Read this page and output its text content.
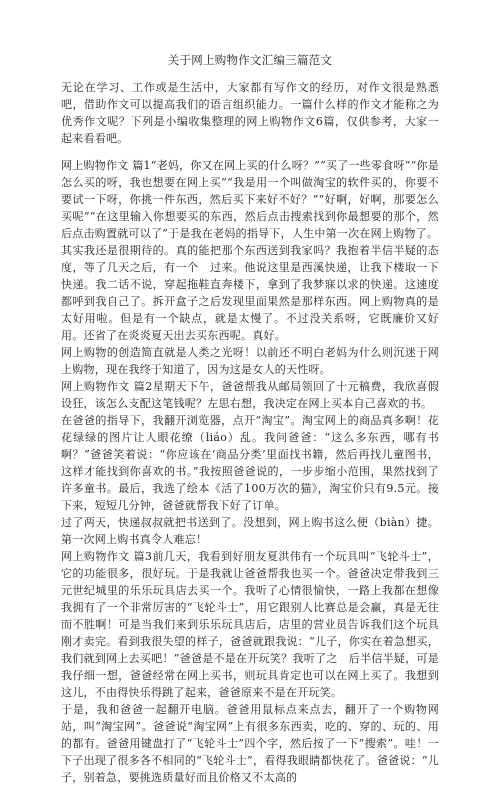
关于网上购物作文汇编三篇范文
无论在学习、工作或是生活中，大家都有写作文的经历，对作文很是熟悉吧，借助作文可以提高我们的语言组织能力。一篇什么样的作文才能称之为优秀作文呢？下列是小编收集整理的网上购物作文6篇，仅供参考，大家一起来看看吧。
网上购物作文 篇1“老妈，你又在网上买的什么呀？”“买了一些零食呀”“你是怎么买的呀，我也想要在网上买”“我是用一个叫做淘宝的软件买的，你要不要试一下呀，你挑一件东西，然后买下来好不好？”“好啊，好啊，那要怎么买呢”“在这里输入你想要买的东西，然后点击搜索找到你最想要的那个，然后点击购置就可以了”于是我在老妈的指导下，人生中第一次在网上购物了。
其实我还是很期待的。真的能把那个东西送到我家吗？我抱着半信半疑的态度，等了几天之后，有一个　过来。他说这里是西溪快递，让我下楼取一下快递。我二话不说，穿起拖鞋直奔楼下，拿到了我梦寐以求的快递。这速度都呼到我自己了。拆开盒子之后发现里面果然是那样东西。网上购物真的是太好用啦。但是有一个缺点，就是太慢了。不过没关系呀，它既廉价又好用。还省了在炎炎夏天出去买东西呢。真好。
网上购物的创造简直就是人类之光呀！以前还不明白老妈为什么则沉迷于网上购物，现在我终于知道了，因为这是女人的天性呀。
网上购物作文 篇2星期天下午，爸爸帮我从邮局领回了十元稿费，我欣喜假设狂，该怎么支配这笔钱呢？左思右想，我决定在网上买本自己喜欢的书。
在爸爸的指导下，我翻开浏览器，点开“淘宝”。淘宝网上的商品真多啊！花花绿绿的图片让人眼花缭（liáo）乱。我问爸爸：“这么多东西，哪有书啊？”爸爸笑着说：“你应该在‘商品分类’里面找书籍，然后再找儿童图书，这样才能找到你喜欢的书。”我按照爸爸说的，一步步缩小范围，果然找到了许多童书。最后，我选了绘本《活了100万次的猫》，淘宝价只有9.5元。接下来，短短几分钟，爸爸就帮我下好了订单。
过了两天，快递叔叔就把书送到了。没想到，网上购书这么便（biàn）捷。第一次网上购书真令人难忘！
网上购物作文 篇3前几天，我看到好朋友夏洪伟有一个玩具叫“飞轮斗士”，它的功能很多，很好玩。于是我就让爸爸帮我也买一个。爸爸决定带我到三元世纪城里的乐乐玩具店去买一个。我听了心情很愉快，一路上我都在想像我拥有了一个非常厉害的“飞轮斗士”，用它跟别人比赛总是会赢，真是无往而不胜啊！可是当我们来到乐乐玩具店后，店里的营业员告诉我们这个玩具刚才卖完。看到我很失望的样子，爸爸就跟我说：“儿子，你实在着急想买，我们就到网上去买吧！”爸爸是不是在开玩笑？我听了之　后半信半疑，可是我仔细一想，爸爸经常在网上买书，则玩具肯定也可以在网上买了。我想到这儿，不由得快乐得跳了起来，爸爸原来不是在开玩笑。
于是，我和爸爸一起翻开电脑。爸爸用鼠标点来点去，翻开了一个购物网站，叫“淘宝网”。爸爸说“淘宝网”上有很多东西卖，吃的、穿的、玩的、用的都有。爸爸用键盘打了“飞轮斗士”四个字，然后按了一下“搜索”。哇！一下子出现了很多各不相同的“飞轮斗士”，看得我眼睛都快花了。爸爸说：“儿子，别着急，要挑选质量好而且价格又不太高的
